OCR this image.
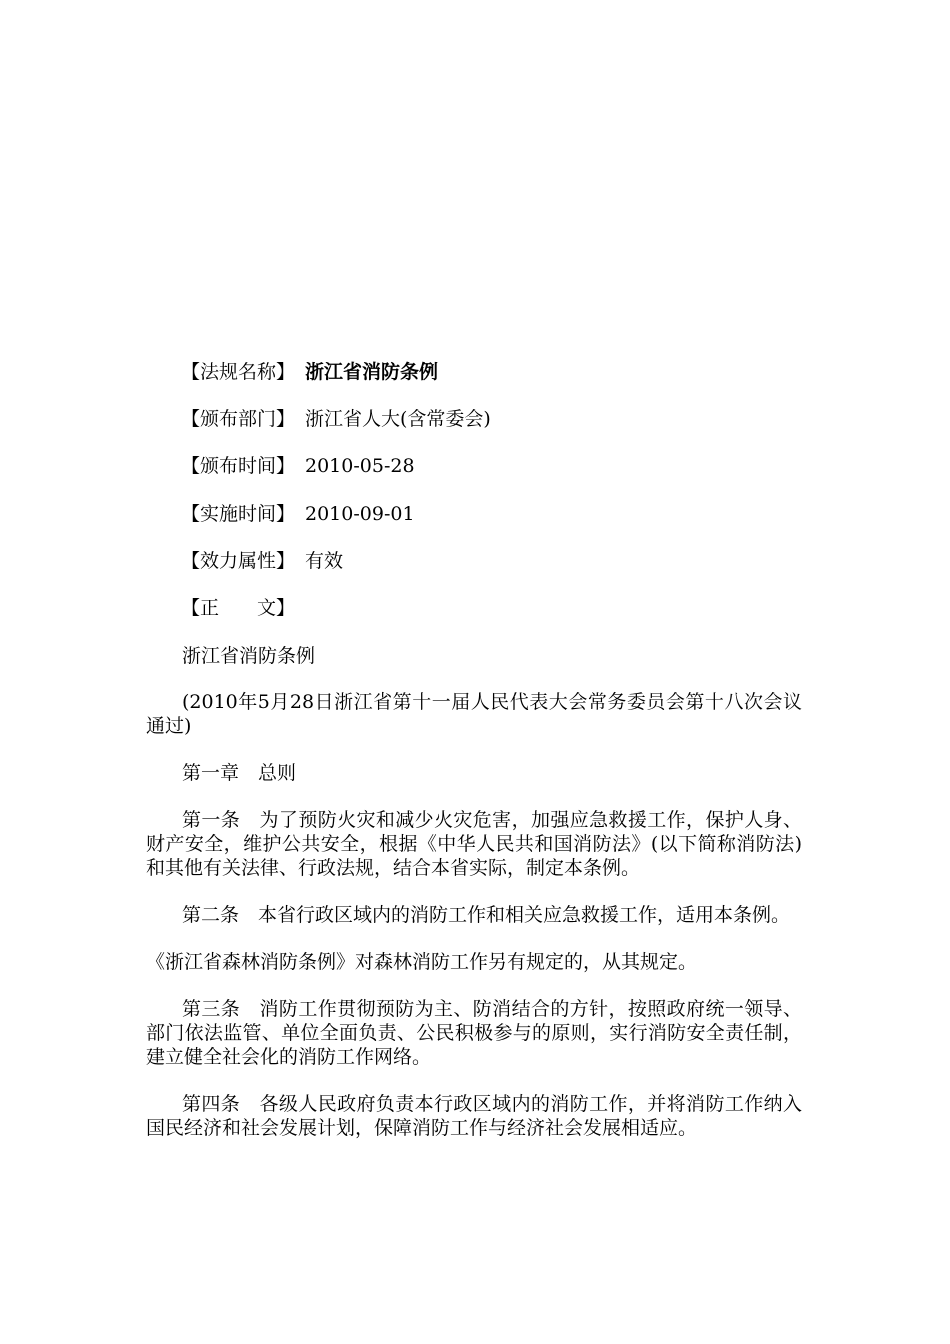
【法规名称】 浙江省消防条例
【颁布部门】 浙江省人大(含常委会)
【颁布时间】 2010-05-28
【实施时间】 2010-09-01
【效力属性】 有效
【正　　文】

浙江省消防条例

(2010年5月28日浙江省第十一届人民代表大会常务委员会第十八次会议通过)

第一章　总则

第一条　为了预防火灾和减少火灾危害，加强应急救援工作，保护人身、财产安全，维护公共安全，根据《中华人民共和国消防法》(以下简称消防法)和其他有关法律、行政法规，结合本省实际，制定本条例。

第二条　本省行政区域内的消防工作和相关应急救援工作，适用本条例。

《浙江省森林消防条例》对森林消防工作另有规定的，从其规定。

第三条　消防工作贯彻预防为主、防消结合的方针，按照政府统一领导、部门依法监管、单位全面负责、公民积极参与的原则，实行消防安全责任制，建立健全社会化的消防工作网络。

第四条　各级人民政府负责本行政区域内的消防工作，并将消防工作纳入国民经济和社会发展计划，保障消防工作与经济社会发展相适应。
